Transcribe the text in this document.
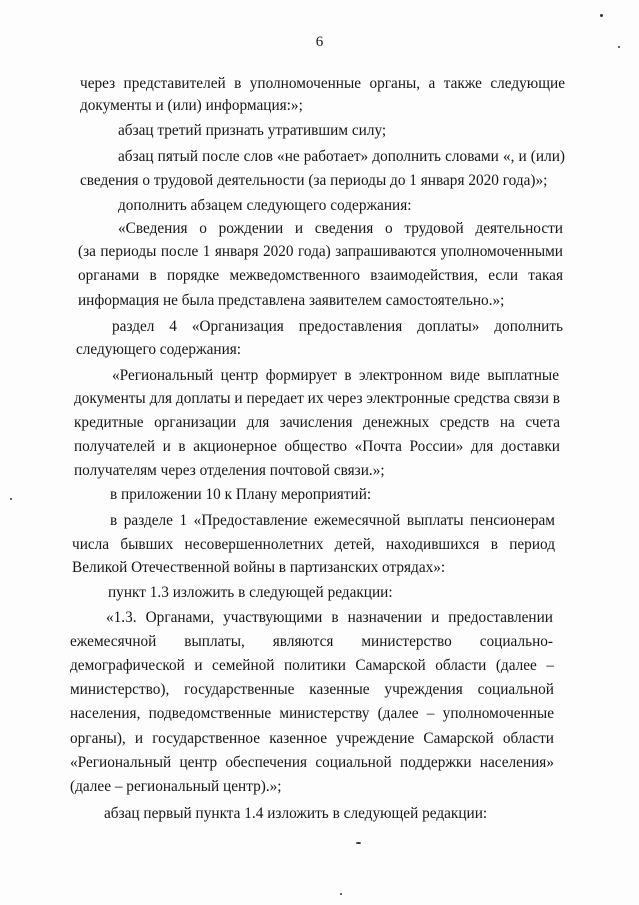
6
через представителей в уполномоченные органы, а также следующие
документы и (или) информация:»;
абзац третий признать утратившим силу;
абзац пятый после слов «не работает» дополнить словами «, и (или)
сведения о трудовой деятельности (за периоды до 1 января 2020 года)»;
дополнить абзацем следующего содержания:
«Сведения о рождении и сведения о трудовой деятельности
(за периоды после 1 января 2020 года) запрашиваются уполномоченными
органами в порядке межведомственного взаимодействия, если такая
информация не была представлена заявителем самостоятельно.»;
раздел 4 «Организация предоставления доплаты» дополнить
следующего содержания:
«Региональный центр формирует в электронном виде выплатные
документы для доплаты и передает их через электронные средства связи в
кредитные организации для зачисления денежных средств на счета
получателей и в акционерное общество «Почта России» для доставки
получателям через отделения почтовой связи.»;
в приложении 10 к Плану мероприятий:
в разделе 1 «Предоставление ежемесячной выплаты пенсионерам
числа бывших несовершеннолетних детей, находившихся в период
Великой Отечественной войны в партизанских отрядах»:
пункт 1.3 изложить в следующей редакции:
«1.3. Органами, участвующими в назначении и предоставлении
ежемесячной выплаты, являются министерство социально-
демографической и семейной политики Самарской области (далее –
министерство), государственные казенные учреждения социальной
населения, подведомственные министерству (далее – уполномоченные
органы), и государственное казенное учреждение Самарской области
«Региональный центр обеспечения социальной поддержки населения»
(далее – региональный центр).»;
абзац первый пункта 1.4 изложить в следующей редакции:
